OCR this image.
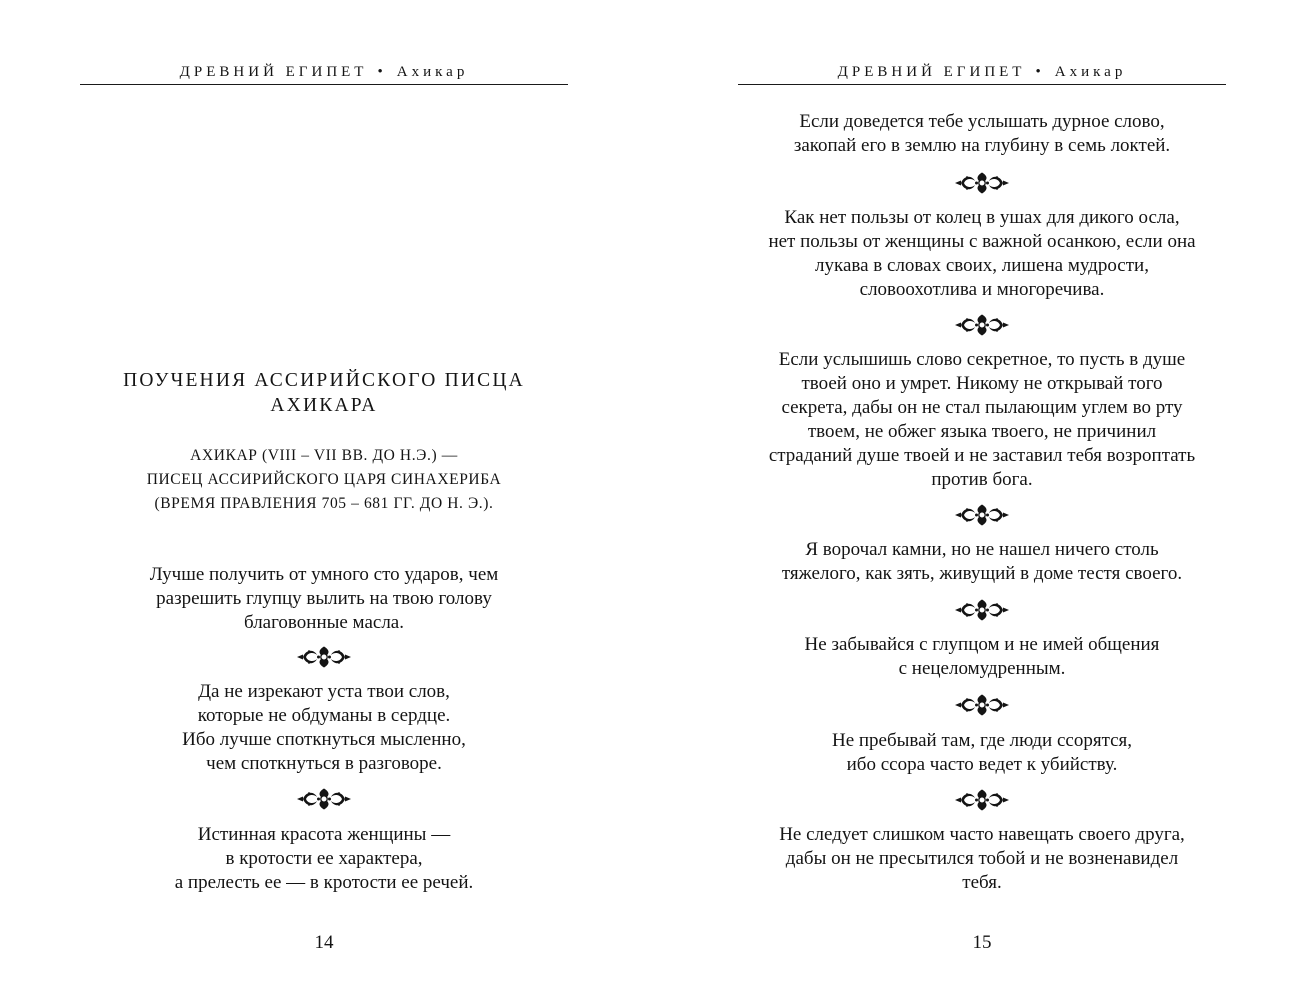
ДРЕВНИЙ ЕГИПЕТ • Ахикар
ПОУЧЕНИЯ АССИРИЙСКОГО ПИСЦА
АХИКАРА
АХИКАР (VIII – VII ВВ. ДО Н.Э.) —
ПИСЕЦ АССИРИЙСКОГО ЦАРЯ СИНАХЕРИБА
(ВРЕМЯ ПРАВЛЕНИЯ 705 – 681 ГГ. ДО Н. Э.).
Лучше получить от умного сто ударов, чем
разрешить глупцу вылить на твою голову
благовонные масла.
Да не изрекают уста твои слов,
которые не обдуманы в сердце.
Ибо лучше споткнуться мысленно,
чем споткнуться в разговоре.
Истинная красота женщины —
в кротости ее характера,
а прелесть ее — в кротости ее речей.
14
ДРЕВНИЙ ЕГИПЕТ • Ахикар
Если доведется тебе услышать дурное слово,
закопай его в землю на глубину в семь локтей.
Как нет пользы от колец в ушах для дикого осла,
нет пользы от женщины с важной осанкою, если она
лукава в словах своих, лишена мудрости,
словоохотлива и многоречива.
Если услышишь слово секретное, то пусть в душе
твоей оно и умрет. Никому не открывай того
секрета, дабы он не стал пылающим углем во рту
твоем, не обжег языка твоего, не причинил
страданий душе твоей и не заставил тебя возроптать
против бога.
Я ворочал камни, но не нашел ничего столь
тяжелого, как зять, живущий в доме тестя своего.
Не забывайся с глупцом и не имей общения
с нецеломудренным.
Не пребывай там, где люди ссорятся,
ибо ссора часто ведет к убийству.
Не следует слишком часто навещать своего друга,
дабы он не пресытился тобой и не возненавидел
тебя.
15
